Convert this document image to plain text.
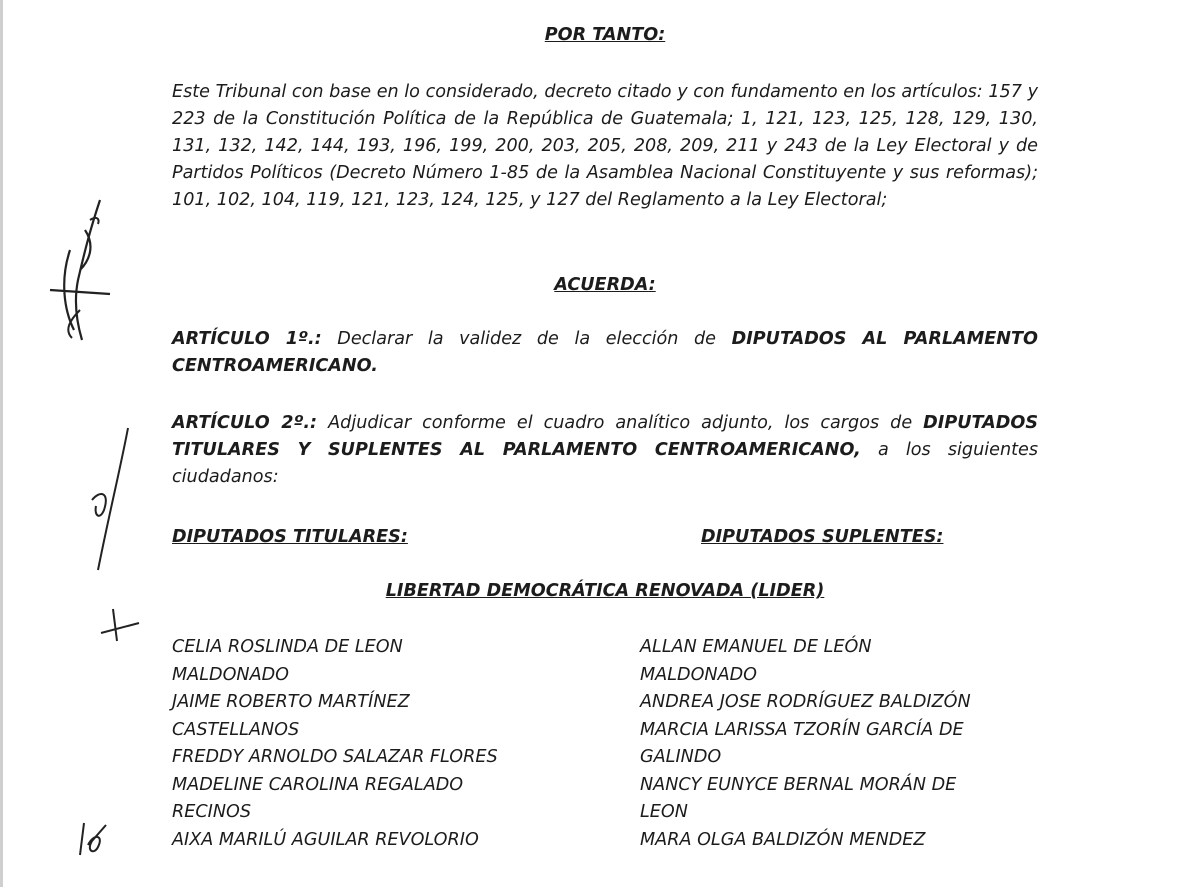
POR TANTO:

Este Tribunal con base en lo considerado, decreto citado y con fundamento en los artículos: 157 y 223 de la Constitución Política de la República de Guatemala; 1, 121, 123, 125, 128, 129, 130, 131, 132, 142, 144, 193, 196, 199, 200, 203, 205, 208, 209, 211 y 243 de la Ley Electoral y de Partidos Políticos (Decreto Número 1-85 de la Asamblea Nacional Constituyente y sus reformas); 101, 102, 104, 119, 121, 123, 124, 125, y 127 del Reglamento a la Ley Electoral;

ACUERDA:

ARTÍCULO 1º.: Declarar la validez de la elección de DIPUTADOS AL PARLAMENTO CENTROAMERICANO.

ARTÍCULO 2º.: Adjudicar conforme el cuadro analítico adjunto, los cargos de DIPUTADOS TITULARES Y SUPLENTES AL PARLAMENTO CENTROAMERICANO, a los siguientes ciudadanos:

DIPUTADOS TITULARES:	DIPUTADOS SUPLENTES:
LIBERTAD DEMOCRÁTICA RENOVADA (LIDER)
CELIA ROSLINDA DE LEON
MALDONADO
JAIME ROBERTO MARTÍNEZ
CASTELLANOS
FREDDY ARNOLDO SALAZAR FLORES
MADELINE CAROLINA REGALADO
RECINOS
AIXA MARILÚ AGUILAR REVOLORIO
ALLAN EMANUEL DE LEÓN
MALDONADO
ANDREA JOSE RODRÍGUEZ BALDIZÓN
MARCIA LARISSA TZORÍN GARCÍA DE
GALINDO
NANCY EUNYCE BERNAL MORÁN DE
LEON
MARA OLGA BALDIZÓN MENDEZ
